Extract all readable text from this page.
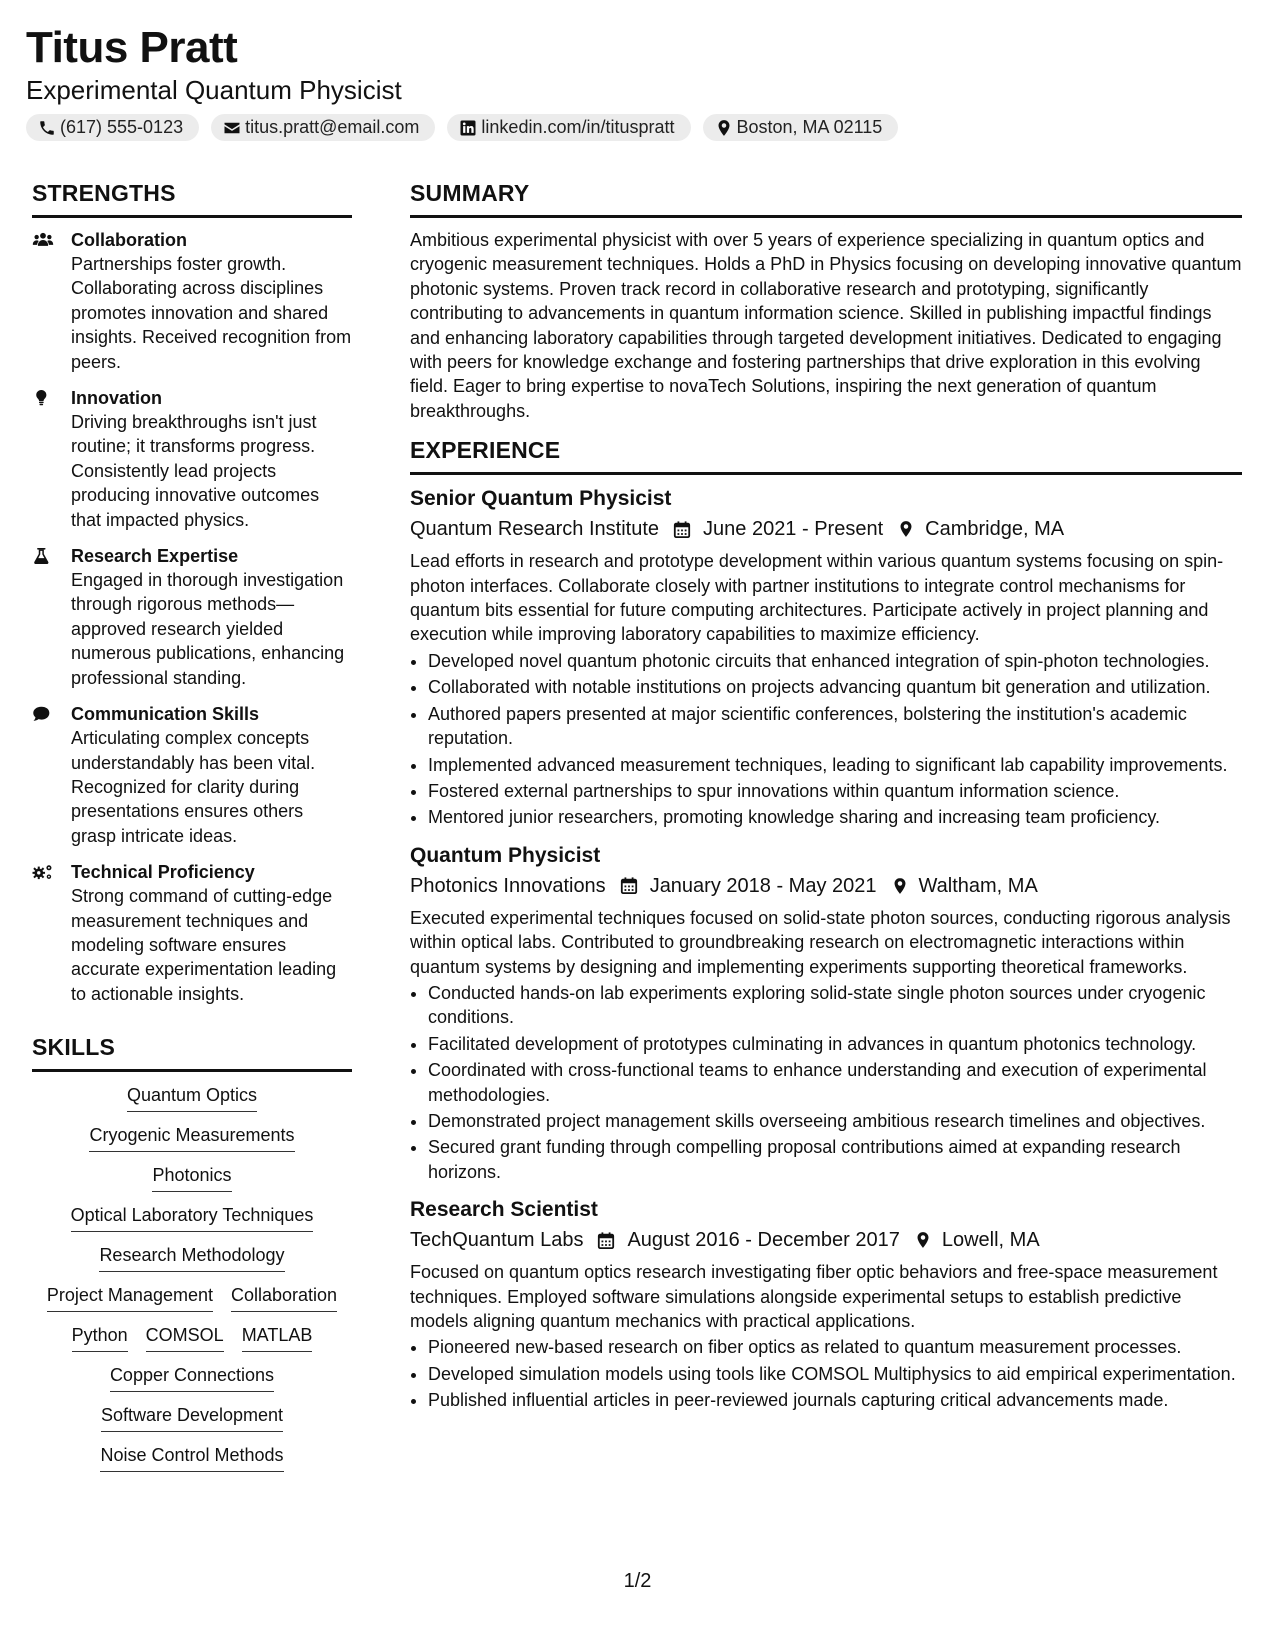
Titus Pratt
Experimental Quantum Physicist
(617) 555-0123	titus.pratt@email.com	linkedin.com/in/tituspratt	Boston, MA 02115
STRENGTHS
Collaboration
Partnerships foster growth. Collaborating across disciplines promotes innovation and shared insights. Received recognition from peers.
Innovation
Driving breakthroughs isn't just routine; it transforms progress. Consistently lead projects producing innovative outcomes that impacted physics.
Research Expertise
Engaged in thorough investigation through rigorous methods—approved research yielded numerous publications, enhancing professional standing.
Communication Skills
Articulating complex concepts understandably has been vital. Recognized for clarity during presentations ensures others grasp intricate ideas.
Technical Proficiency
Strong command of cutting-edge measurement techniques and modeling software ensures accurate experimentation leading to actionable insights.
SKILLS
Quantum Optics
Cryogenic Measurements
Photonics
Optical Laboratory Techniques
Research Methodology
Project Management Collaboration
Python COMSOL MATLAB
Copper Connections
Software Development
Noise Control Methods
SUMMARY
Ambitious experimental physicist with over 5 years of experience specializing in quantum optics and cryogenic measurement techniques. Holds a PhD in Physics focusing on developing innovative quantum photonic systems. Proven track record in collaborative research and prototyping, significantly contributing to advancements in quantum information science. Skilled in publishing impactful findings and enhancing laboratory capabilities through targeted development initiatives. Dedicated to engaging with peers for knowledge exchange and fostering partnerships that drive exploration in this evolving field. Eager to bring expertise to novaTech Solutions, inspiring the next generation of quantum breakthroughs.
EXPERIENCE
Senior Quantum Physicist
Quantum Research Institute June 2021 - Present Cambridge, MA
Lead efforts in research and prototype development within various quantum systems focusing on spin-photon interfaces. Collaborate closely with partner institutions to integrate control mechanisms for quantum bits essential for future computing architectures. Participate actively in project planning and execution while improving laboratory capabilities to maximize efficiency.
• Developed novel quantum photonic circuits that enhanced integration of spin-photon technologies.
• Collaborated with notable institutions on projects advancing quantum bit generation and utilization.
• Authored papers presented at major scientific conferences, bolstering the institution's academic reputation.
• Implemented advanced measurement techniques, leading to significant lab capability improvements.
• Fostered external partnerships to spur innovations within quantum information science.
• Mentored junior researchers, promoting knowledge sharing and increasing team proficiency.
Quantum Physicist
Photonics Innovations January 2018 - May 2021 Waltham, MA
Executed experimental techniques focused on solid-state photon sources, conducting rigorous analysis within optical labs. Contributed to groundbreaking research on electromagnetic interactions within quantum systems by designing and implementing experiments supporting theoretical frameworks.
• Conducted hands-on lab experiments exploring solid-state single photon sources under cryogenic conditions.
• Facilitated development of prototypes culminating in advances in quantum photonics technology.
• Coordinated with cross-functional teams to enhance understanding and execution of experimental methodologies.
• Demonstrated project management skills overseeing ambitious research timelines and objectives.
• Secured grant funding through compelling proposal contributions aimed at expanding research horizons.
Research Scientist
TechQuantum Labs August 2016 - December 2017 Lowell, MA
Focused on quantum optics research investigating fiber optic behaviors and free-space measurement techniques. Employed software simulations alongside experimental setups to establish predictive models aligning quantum mechanics with practical applications.
• Pioneered new-based research on fiber optics as related to quantum measurement processes.
• Developed simulation models using tools like COMSOL Multiphysics to aid empirical experimentation.
• Published influential articles in peer-reviewed journals capturing critical advancements made.
1/2
